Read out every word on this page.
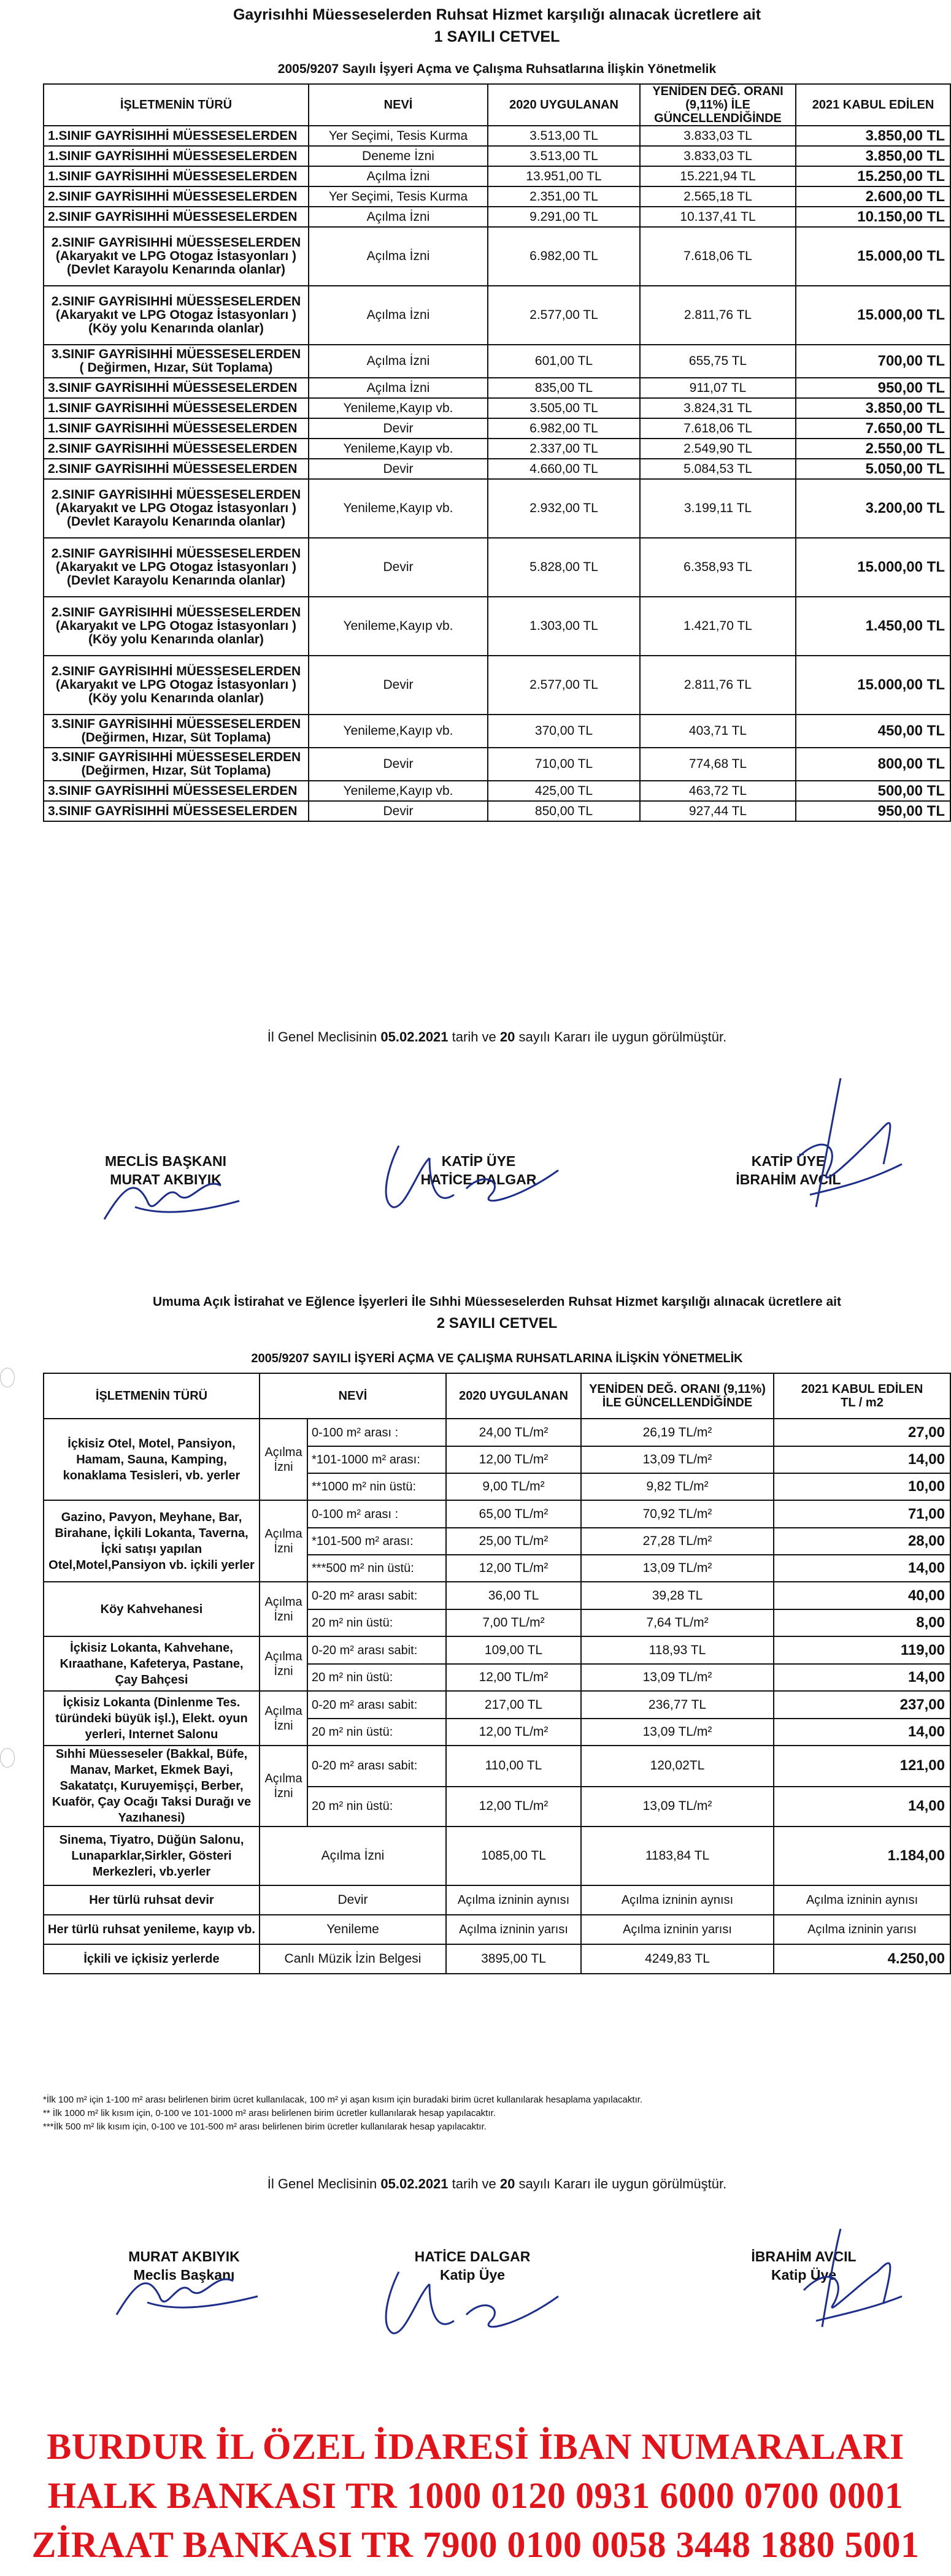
Gayrisıhhi Müesseselerden Ruhsat Hizmet karşılığı alınacak ücretlere ait
1 SAYILI CETVEL
2005/9207 Sayılı İşyeri Açma ve Çalışma Ruhsatlarına İlişkin Yönetmelik
İŞLETMENİN TÜRÜ	NEVİ	2020 UYGULANAN	YENİDEN DEĞ. ORANI (9,11%) İLE GÜNCELLENDİĞİNDE	2021 KABUL EDİLEN
1.SINIF GAYRİSIHHİ MÜESSESELERDEN	Yer Seçimi, Tesis Kurma	3.513,00 TL	3.833,03 TL	3.850,00 TL
1.SINIF GAYRİSIHHİ MÜESSESELERDEN	Deneme İzni	3.513,00 TL	3.833,03 TL	3.850,00 TL
1.SINIF GAYRİSIHHİ MÜESSESELERDEN	Açılma İzni	13.951,00 TL	15.221,94 TL	15.250,00 TL
2.SINIF GAYRİSIHHİ MÜESSESELERDEN	Yer Seçimi, Tesis Kurma	2.351,00 TL	2.565,18 TL	2.600,00 TL
2.SINIF GAYRİSIHHİ MÜESSESELERDEN	Açılma İzni	9.291,00 TL	10.137,41 TL	10.150,00 TL
2.SINIF GAYRİSIHHİ MÜESSESELERDEN (Akaryakıt ve LPG Otogaz İstasyonları ) (Devlet Karayolu Kenarında olanlar)	Açılma İzni	6.982,00 TL	7.618,06 TL	15.000,00 TL
2.SINIF GAYRİSIHHİ MÜESSESELERDEN (Akaryakıt ve LPG Otogaz İstasyonları ) (Köy yolu Kenarında olanlar)	Açılma İzni	2.577,00 TL	2.811,76 TL	15.000,00 TL
3.SINIF GAYRİSIHHİ MÜESSESELERDEN ( Değirmen, Hızar, Süt Toplama)	Açılma İzni	601,00 TL	655,75 TL	700,00 TL
3.SINIF GAYRİSIHHİ MÜESSESELERDEN	Açılma İzni	835,00 TL	911,07 TL	950,00 TL
1.SINIF GAYRİSIHHİ MÜESSESELERDEN	Yenileme,Kayıp vb.	3.505,00 TL	3.824,31 TL	3.850,00 TL
1.SINIF GAYRİSIHHİ MÜESSESELERDEN	Devir	6.982,00 TL	7.618,06 TL	7.650,00 TL
2.SINIF GAYRİSIHHİ MÜESSESELERDEN	Yenileme,Kayıp vb.	2.337,00 TL	2.549,90 TL	2.550,00 TL
2.SINIF GAYRİSIHHİ MÜESSESELERDEN	Devir	4.660,00 TL	5.084,53 TL	5.050,00 TL
2.SINIF GAYRİSIHHİ MÜESSESELERDEN (Akaryakıt ve LPG Otogaz İstasyonları ) (Devlet Karayolu Kenarında olanlar)	Yenileme,Kayıp vb.	2.932,00 TL	3.199,11 TL	3.200,00 TL
2.SINIF GAYRİSIHHİ MÜESSESELERDEN (Akaryakıt ve LPG Otogaz İstasyonları ) (Devlet Karayolu Kenarında olanlar)	Devir	5.828,00 TL	6.358,93 TL	15.000,00 TL
2.SINIF GAYRİSIHHİ MÜESSESELERDEN (Akaryakıt ve LPG Otogaz İstasyonları ) (Köy yolu Kenarında olanlar)	Yenileme,Kayıp vb.	1.303,00 TL	1.421,70 TL	1.450,00 TL
2.SINIF GAYRİSIHHİ MÜESSESELERDEN (Akaryakıt ve LPG Otogaz İstasyonları ) (Köy yolu Kenarında olanlar)	Devir	2.577,00 TL	2.811,76 TL	15.000,00 TL
3.SINIF GAYRİSIHHİ MÜESSESELERDEN (Değirmen, Hızar, Süt Toplama)	Yenileme,Kayıp vb.	370,00 TL	403,71 TL	450,00 TL
3.SINIF GAYRİSIHHİ MÜESSESELERDEN (Değirmen, Hızar, Süt Toplama)	Devir	710,00 TL	774,68 TL	800,00 TL
3.SINIF GAYRİSIHHİ MÜESSESELERDEN	Yenileme,Kayıp vb.	425,00 TL	463,72 TL	500,00 TL
3.SINIF GAYRİSIHHİ MÜESSESELERDEN	Devir	850,00 TL	927,44 TL	950,00 TL
İl Genel Meclisinin 05.02.2021 tarih ve 20 sayılı Kararı ile uygun görülmüştür.
MECLİS BAŞKANI
MURAT AKBIYIK
KATİP ÜYE
HATİCE DALGAR
KATİP ÜYE
İBRAHİM AVCIL
Umuma Açık İstirahat ve Eğlence İşyerleri İle Sıhhi Müesseselerden Ruhsat Hizmet karşılığı alınacak ücretlere ait
2 SAYILI CETVEL
2005/9207 SAYILI İŞYERİ AÇMA VE ÇALIŞMA RUHSATLARINA İLİŞKİN YÖNETMELİK
İŞLETMENİN TÜRÜ	NEVİ		2020 UYGULANAN	YENİDEN DEĞ. ORANI (9,11%) İLE GÜNCELLENDİĞİNDE	2021 KABUL EDİLEN
TL / m2

İçkisiz Otel, Motel, Pansiyon, Hamam, Sauna, Kamping, konaklama Tesisleri, vb. yerler	Açılma İzni	0-100 m² arası :	24,00 TL/m²	26,19 TL/m²	27,00
		*101-1000 m² arası:	12,00 TL/m²	13,09 TL/m²	14,00
		**1000 m² nin üstü:	9,00 TL/m²	9,82 TL/m²	10,00
Gazino, Pavyon, Meyhane, Bar, Birahane, İçkili Lokanta, Taverna, İçki satışı yapılan Otel,Motel,Pansiyon vb. içkili yerler	Açılma İzni	0-100 m² arası :	65,00 TL/m²	70,92 TL/m²	71,00
		*101-500 m² arası:	25,00 TL/m²	27,28 TL/m²	28,00
		***500 m² nin üstü:	12,00 TL/m²	13,09 TL/m²	14,00
Köy Kahvehanesi	Açılma İzni	0-20 m² arası sabit:	36,00 TL	39,28 TL	40,00
		20 m² nin üstü:	7,00 TL/m²	7,64 TL/m²	8,00
İçkisiz Lokanta, Kahvehane, Kıraathane, Kafeterya, Pastane, Çay Bahçesi	Açılma İzni	0-20 m² arası sabit:	109,00 TL	118,93 TL	119,00
		20 m² nin üstü:	12,00 TL/m²	13,09 TL/m²	14,00
İçkisiz Lokanta (Dinlenme Tes. türündeki büyük işl.), Elekt. oyun yerleri, Internet Salonu	Açılma İzni	0-20 m² arası sabit:	217,00 TL	236,77 TL	237,00
		20 m² nin üstü:	12,00 TL/m²	13,09 TL/m²	14,00
Sıhhi Müesseseler (Bakkal, Büfe, Manav, Market, Ekmek Bayi, Sakatatçı, Kuruyemişçi, Berber, Kuaför, Çay Ocağı Taksi Durağı ve Yazıhanesi)	Açılma İzni	0-20 m² arası sabit:	110,00 TL	120,02TL	121,00
		20 m² nin üstü:	12,00 TL/m²	13,09 TL/m²	14,00
Sinema, Tiyatro, Düğün Salonu, Lunaparklar,Sirkler, Gösteri Merkezleri, vb.yerler	Açılma İzni		1085,00 TL	1183,84 TL	1.184,00
Her türlü ruhsat devir	Devir		Açılma izninin aynısı	Açılma izninin aynısı	Açılma izninin aynısı
Her türlü ruhsat yenileme, kayıp vb.	Yenileme		Açılma izninin yarısı	Açılma izninin yarısı	Açılma izninin yarısı
İçkili ve içkisiz yerlerde	Canlı Müzik İzin Belgesi		3895,00 TL	4249,83 TL	4.250,00
*İlk 100 m² için 1-100 m² arası belirlenen birim ücret kullanılacak, 100 m² yi aşan kısım için buradaki birim ücret kullanılarak hesaplama yapılacaktır.
** İlk 1000 m² lik kısım için, 0-100 ve 101-1000 m² arası belirlenen birim ücretler kullanılarak hesap yapılacaktır.
***İlk 500 m² lik kısım için, 0-100 ve 101-500 m² arası belirlenen birim ücretler kullanılarak hesap yapılacaktır.
İl Genel Meclisinin 05.02.2021 tarih ve 20 sayılı Kararı ile uygun görülmüştür.
MURAT AKBIYIK
Meclis Başkanı
HATİCE DALGAR
Katip Üye
İBRAHİM AVCIL
Katip Üye
BURDUR İL ÖZEL İDARESİ İBAN NUMARALARI
HALK BANKASI TR 1000 0120 0931 6000 0700 0001
ZİRAAT BANKASI TR 7900 0100 0058 3448 1880 5001
